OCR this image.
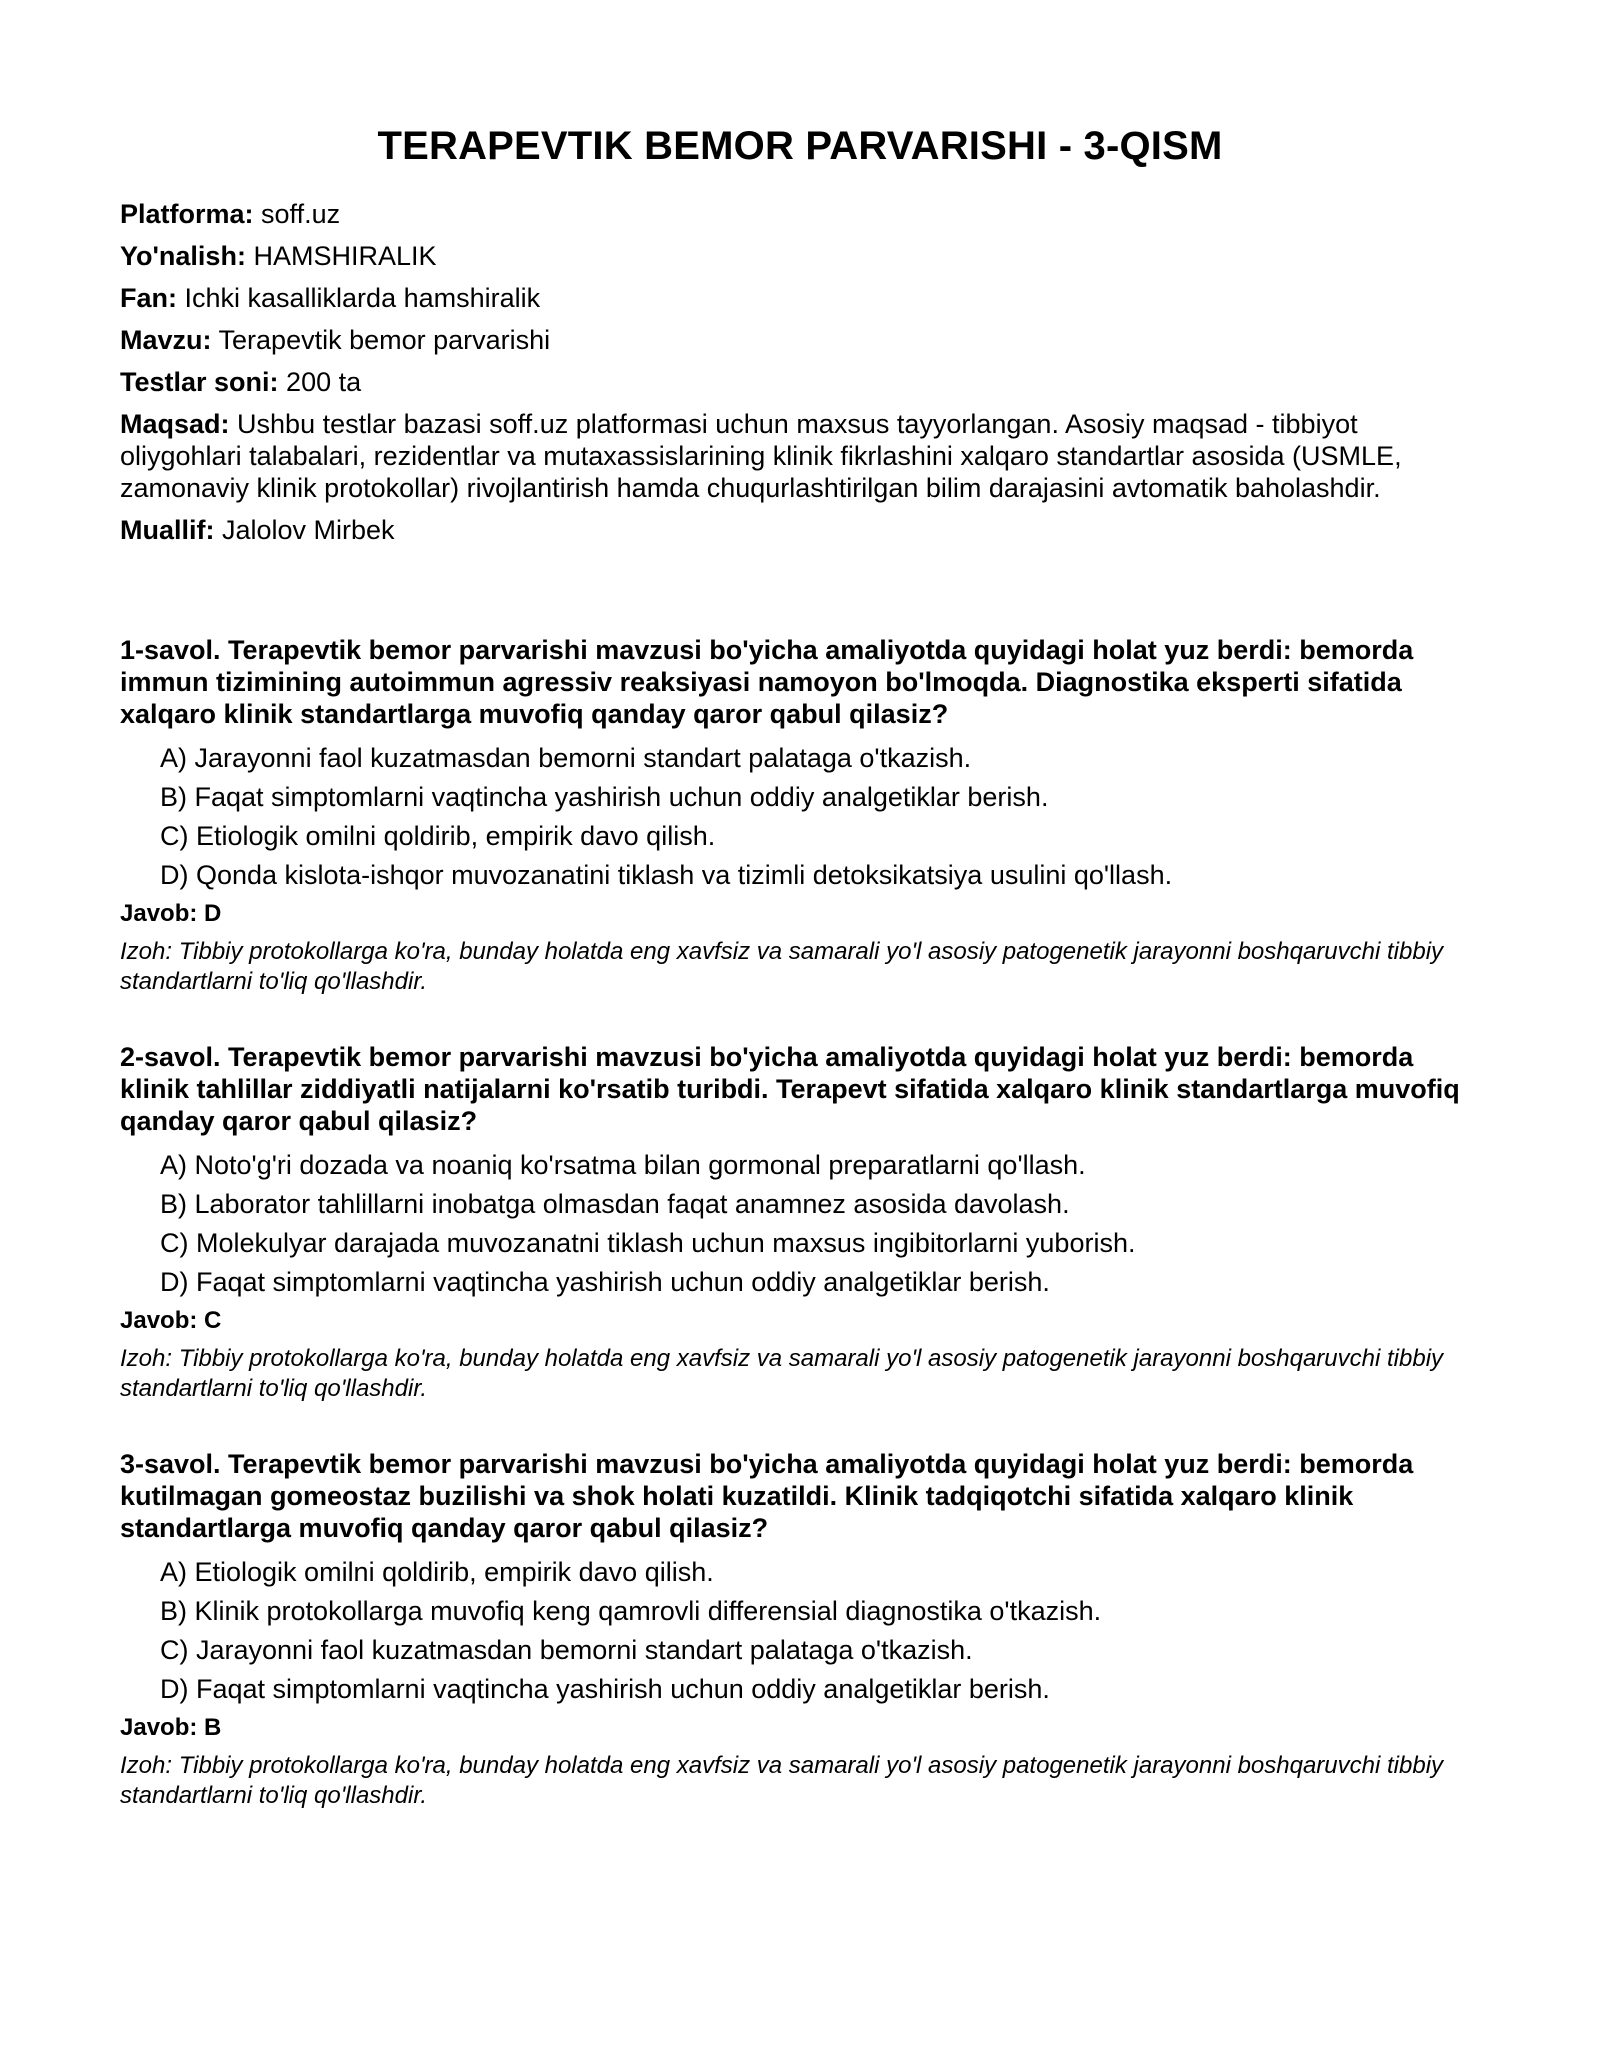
TERAPEVTIK BEMOR PARVARISHI - 3-QISM
Platforma: soff.uz
Yo'nalish: HAMSHIRALIK
Fan: Ichki kasalliklarda hamshiralik
Mavzu: Terapevtik bemor parvarishi
Testlar soni: 200 ta
Maqsad: Ushbu testlar bazasi soff.uz platformasi uchun maxsus tayyorlangan. Asosiy maqsad - tibbiyot oliygohlari talabalari, rezidentlar va mutaxassislarining klinik fikrlashini xalqaro standartlar asosida (USMLE, zamonaviy klinik protokollar) rivojlantirish hamda chuqurlashtirilgan bilim darajasini avtomatik baholashdir.
Muallif: Jalolov Mirbek
1-savol. Terapevtik bemor parvarishi mavzusi bo'yicha amaliyotda quyidagi holat yuz berdi: bemorda immun tizimining autoimmun agressiv reaksiyasi namoyon bo'lmoqda. Diagnostika eksperti sifatida xalqaro klinik standartlarga muvofiq qanday qaror qabul qilasiz?
A) Jarayonni faol kuzatmasdan bemorni standart palataga o'tkazish.
B) Faqat simptomlarni vaqtincha yashirish uchun oddiy analgetiklar berish.
C) Etiologik omilni qoldirib, empirik davo qilish.
D) Qonda kislota-ishqor muvozanatini tiklash va tizimli detoksikatsiya usulini qo'llash.
Javob: D
Izoh: Tibbiy protokollarga ko'ra, bunday holatda eng xavfsiz va samarali yo'l asosiy patogenetik jarayonni boshqaruvchi tibbiy standartlarni to'liq qo'llashdir.
2-savol. Terapevtik bemor parvarishi mavzusi bo'yicha amaliyotda quyidagi holat yuz berdi: bemorda klinik tahlillar ziddiyatli natijalarni ko'rsatib turibdi. Terapevt sifatida xalqaro klinik standartlarga muvofiq qanday qaror qabul qilasiz?
A) Noto'g'ri dozada va noaniq ko'rsatma bilan gormonal preparatlarni qo'llash.
B) Laborator tahlillarni inobatga olmasdan faqat anamnez asosida davolash.
C) Molekulyar darajada muvozanatni tiklash uchun maxsus ingibitorlarni yuborish.
D) Faqat simptomlarni vaqtincha yashirish uchun oddiy analgetiklar berish.
Javob: C
Izoh: Tibbiy protokollarga ko'ra, bunday holatda eng xavfsiz va samarali yo'l asosiy patogenetik jarayonni boshqaruvchi tibbiy standartlarni to'liq qo'llashdir.
3-savol. Terapevtik bemor parvarishi mavzusi bo'yicha amaliyotda quyidagi holat yuz berdi: bemorda kutilmagan gomeostaz buzilishi va shok holati kuzatildi. Klinik tadqiqotchi sifatida xalqaro klinik standartlarga muvofiq qanday qaror qabul qilasiz?
A) Etiologik omilni qoldirib, empirik davo qilish.
B) Klinik protokollarga muvofiq keng qamrovli differensial diagnostika o'tkazish.
C) Jarayonni faol kuzatmasdan bemorni standart palataga o'tkazish.
D) Faqat simptomlarni vaqtincha yashirish uchun oddiy analgetiklar berish.
Javob: B
Izoh: Tibbiy protokollarga ko'ra, bunday holatda eng xavfsiz va samarali yo'l asosiy patogenetik jarayonni boshqaruvchi tibbiy standartlarni to'liq qo'llashdir.
